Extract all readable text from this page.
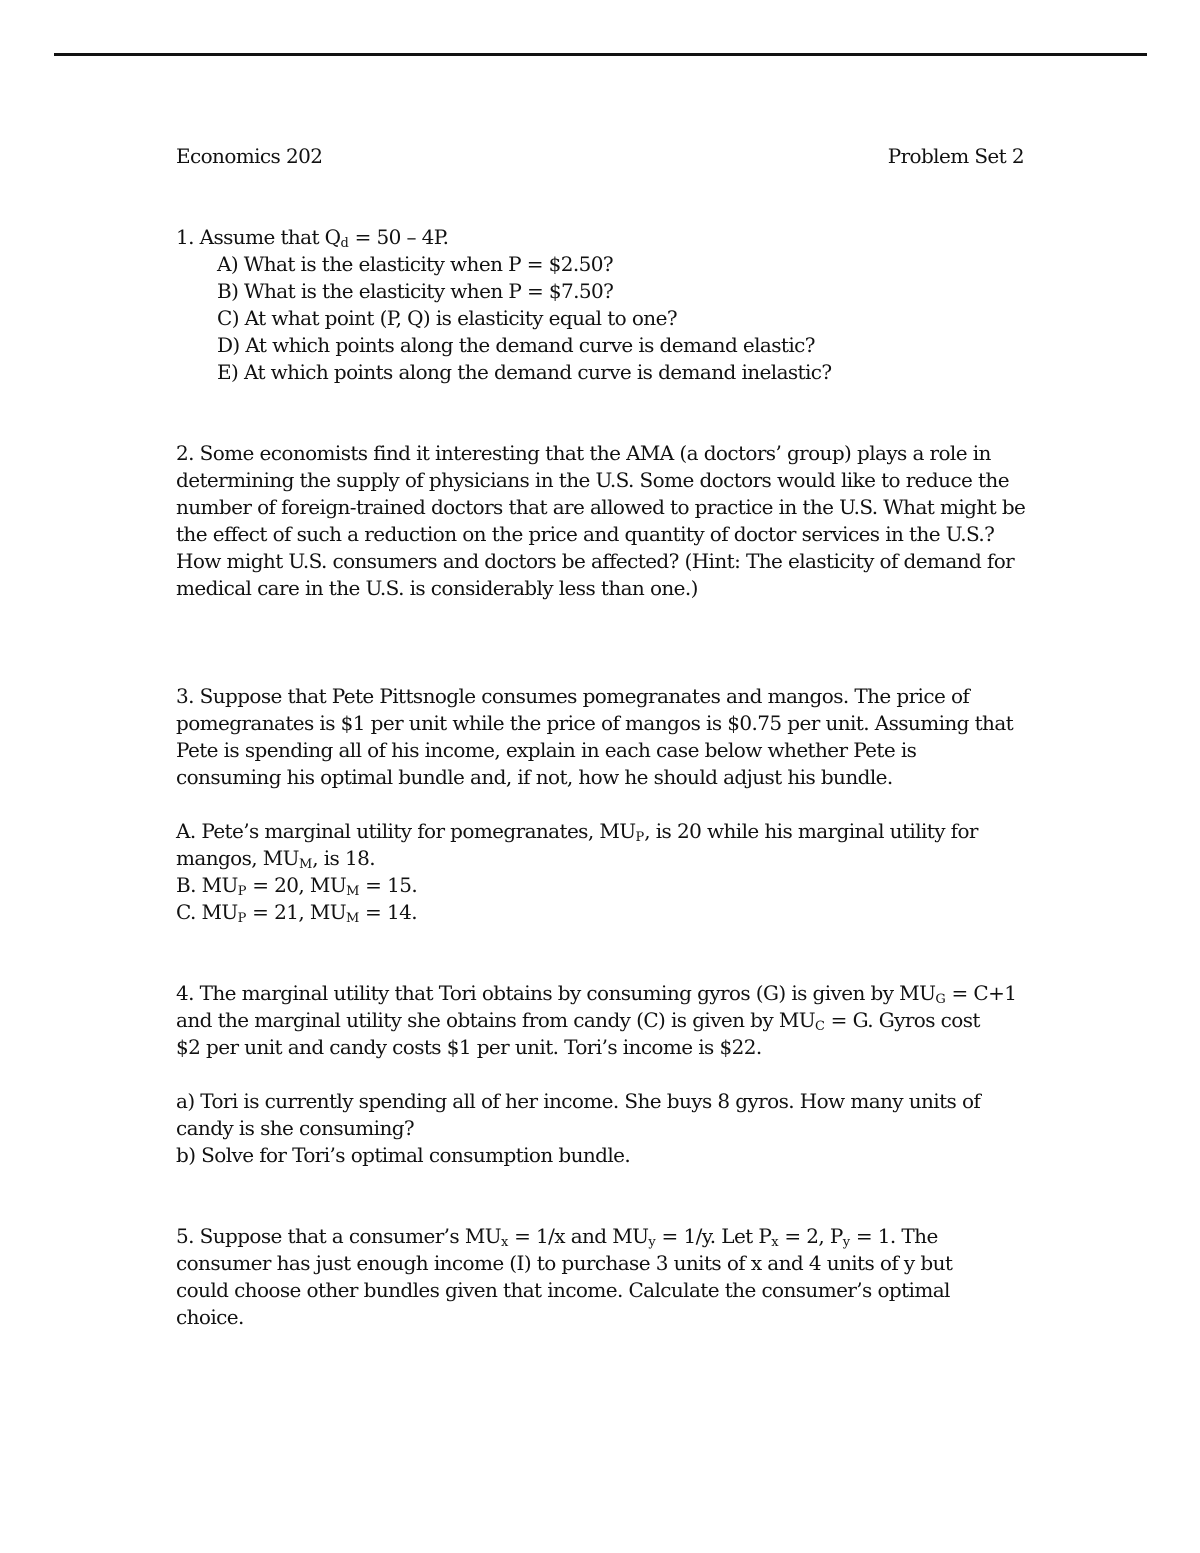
Economics 202	Problem Set 2
1. Assume that $Q_d = 50 - 4P$.
A) What is the elasticity when P = $2.50?
B) What is the elasticity when P = $7.50?
C) At what point (P, Q) is elasticity equal to one?
D) At which points along the demand curve is demand elastic?
E) At which points along the demand curve is demand inelastic?
2. Some economists find it interesting that the AMA (a doctors’ group) plays a role in
determining the supply of physicians in the U.S. Some doctors would like to reduce the
number of foreign-trained doctors that are allowed to practice in the U.S. What might be
the effect of such a reduction on the price and quantity of doctor services in the U.S.?
How might U.S. consumers and doctors be affected? (Hint: The elasticity of demand for
medical care in the U.S. is considerably less than one.)
3. Suppose that Pete Pittsnogle consumes pomegranates and mangos. The price of
pomegranates is $1 per unit while the price of mangos is $0.75 per unit. Assuming that
Pete is spending all of his income, explain in each case below whether Pete is
consuming his optimal bundle and, if not, how he should adjust his bundle.
A. Pete’s marginal utility for pomegranates, $MU_P$, is 20 while his marginal utility for
mangos, $MU_M$, is 18.
B. $MU_P = 20$, $MU_M = 15$.
C. $MU_P = 21$, $MU_M = 14$.
4. The marginal utility that Tori obtains by consuming gyros (G) is given by $MU_G = C+1$
and the marginal utility she obtains from candy (C) is given by $MU_C = G$. Gyros cost
$2 per unit and candy costs $1 per unit. Tori’s income is $22.
a) Tori is currently spending all of her income. She buys 8 gyros. How many units of
candy is she consuming?
b) Solve for Tori’s optimal consumption bundle.
5. Suppose that a consumer’s $MU_x = 1/x$ and $MU_y = 1/y$. Let $P_x = 2$, $P_y = 1$. The
consumer has just enough income (I) to purchase 3 units of x and 4 units of y but
could choose other bundles given that income. Calculate the consumer’s optimal
choice.
